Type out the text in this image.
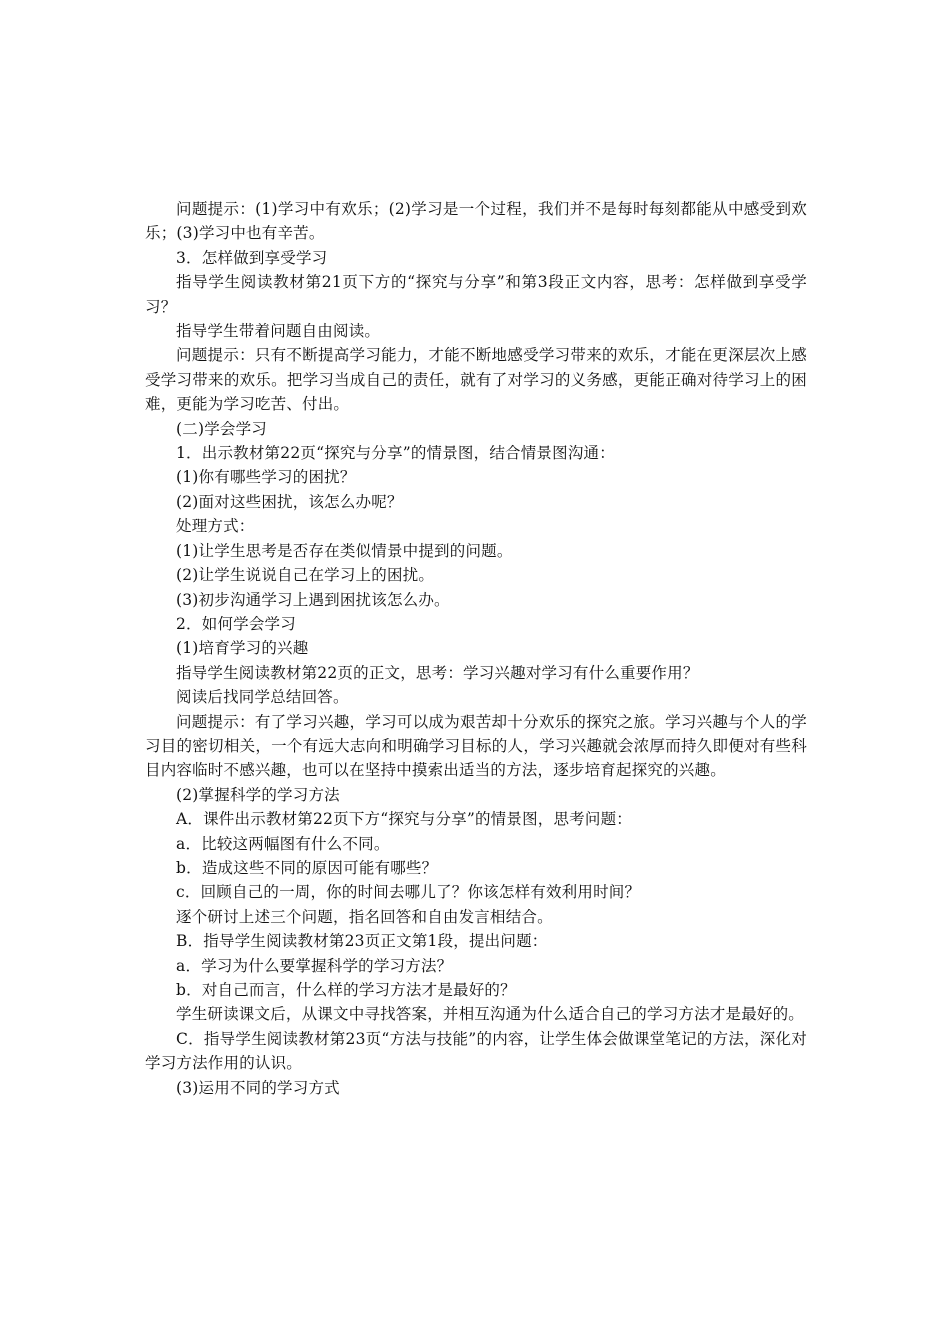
问题提示：(1)学习中有欢乐；(2)学习是一个过程，我们并不是每时每刻都能从中感受到欢乐；(3)学习中也有辛苦。

3．怎样做到享受学习

指导学生阅读教材第21页下方的“探究与分享”和第3段正文内容，思考：怎样做到享受学习？

指导学生带着问题自由阅读。

问题提示：只有不断提高学习能力，才能不断地感受学习带来的欢乐，才能在更深层次上感受学习带来的欢乐。把学习当成自己的责任，就有了对学习的义务感，更能正确对待学习上的困难，更能为学习吃苦、付出。

(二)学会学习

1．出示教材第22页“探究与分享”的情景图，结合情景图沟通：

(1)你有哪些学习的困扰？

(2)面对这些困扰，该怎么办呢？

处理方式：

(1)让学生思考是否存在类似情景中提到的问题。

(2)让学生说说自己在学习上的困扰。

(3)初步沟通学习上遇到困扰该怎么办。

2．如何学会学习

(1)培育学习的兴趣

指导学生阅读教材第22页的正文，思考：学习兴趣对学习有什么重要作用？

阅读后找同学总结回答。

问题提示：有了学习兴趣，学习可以成为艰苦却十分欢乐的探究之旅。学习兴趣与个人的学习目的密切相关，一个有远大志向和明确学习目标的人，学习兴趣就会浓厚而持久即便对有些科目内容临时不感兴趣，也可以在坚持中摸索出适当的方法，逐步培育起探究的兴趣。

(2)掌握科学的学习方法

A．课件出示教材第22页下方“探究与分享”的情景图，思考问题：

a．比较这两幅图有什么不同。

b．造成这些不同的原因可能有哪些？

c．回顾自己的一周，你的时间去哪儿了？你该怎样有效利用时间？

逐个研讨上述三个问题，指名回答和自由发言相结合。

B．指导学生阅读教材第23页正文第1段，提出问题：

a．学习为什么要掌握科学的学习方法？

b．对自己而言，什么样的学习方法才是最好的？

学生研读课文后，从课文中寻找答案，并相互沟通为什么适合自己的学习方法才是最好的。

C．指导学生阅读教材第23页“方法与技能”的内容，让学生体会做课堂笔记的方法，深化对学习方法作用的认识。

(3)运用不同的学习方式
